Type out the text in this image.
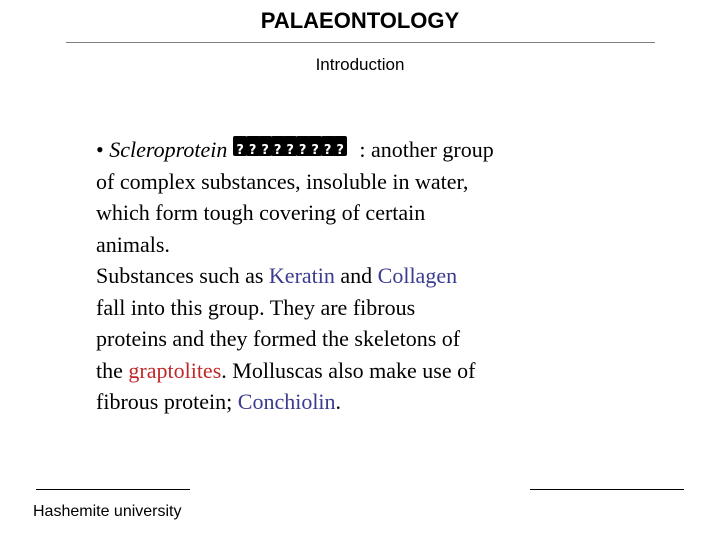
PALAEONTOLOGY
Introduction
• Scleroprotein ? ? ? ? ? ? ? ? ?	: another group
of complex substances, insoluble in water,
which form tough covering of certain
animals.
Substances such as Keratin and Collagen
fall into this group. They are fibrous
proteins and they formed the skeletons of
the graptolites. Molluscas also make use of
fibrous protein; Conchiolin.
Hashemite university
